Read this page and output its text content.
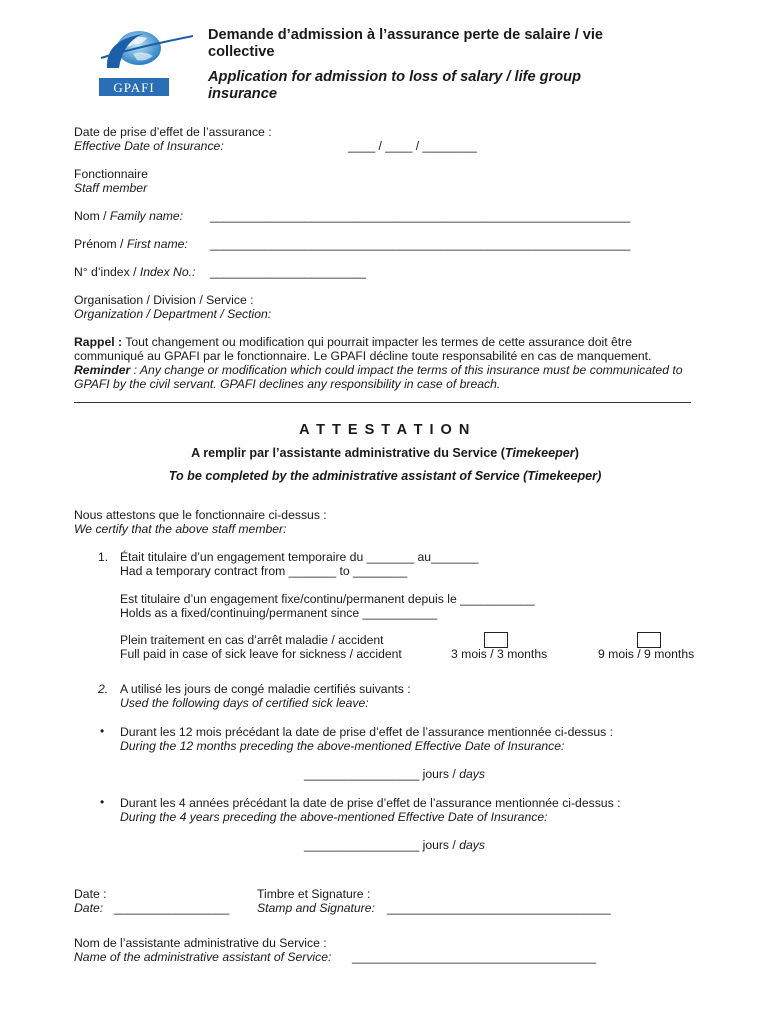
GPAFI
Demande d’admission à l’assurance perte de salaire / vie
collective
Application for admission to loss of salary / life group
insurance
Date de prise d’effet de l’assurance :
Effective Date of Insurance:	____ / ____ / ________
Fonctionnaire
Staff member
Nom / Family name: ______________________________________________________________
Prénom / First name: ______________________________________________________________
N° d’index / Index No.: _______________________
Organisation / Division / Service :
Organization / Department / Section:
Rappel : Tout changement ou modification qui pourrait impacter les termes de cette assurance doit être
communiqué au GPAFI par le fonctionnaire. Le GPAFI décline toute responsabilité en cas de manquement.
Reminder : Any change or modification which could impact the terms of this insurance must be communicated to
GPAFI by the civil servant. GPAFI declines any responsibility in case of breach.
A T T E S T A T I O N
A remplir par l’assistante administrative du Service (Timekeeper)
To be completed by the administrative assistant of Service (Timekeeper)
Nous attestons que le fonctionnaire ci-dessus :
We certify that the above staff member:
1. Était titulaire d’un engagement temporaire du _______ au_______
Had a temporary contract from _______ to ________
Est titulaire d’un engagement fixe/continu/permanent depuis le ___________
Holds as a fixed/continuing/permanent since ___________
Plein traitement en cas d’arrêt maladie / accident
Full paid in case of sick leave for sickness / accident	3 mois / 3 months	9 mois / 9 months
2. A utilisé les jours de congé maladie certifiés suivants :
Used the following days of certified sick leave:
• Durant les 12 mois précédant la date de prise d’effet de l’assurance mentionnée ci-dessus :
During the 12 months preceding the above-mentioned Effective Date of Insurance:
_________________ jours / days
• Durant les 4 années précédant la date de prise d’effet de l’assurance mentionnée ci-dessus :
During the 4 years preceding the above-mentioned Effective Date of Insurance:
_________________ jours / days
Date :
Date: _________________
Timbre et Signature :
Stamp and Signature: _________________________________
Nom de l’assistante administrative du Service :
Name of the administrative assistant of Service: ____________________________________
